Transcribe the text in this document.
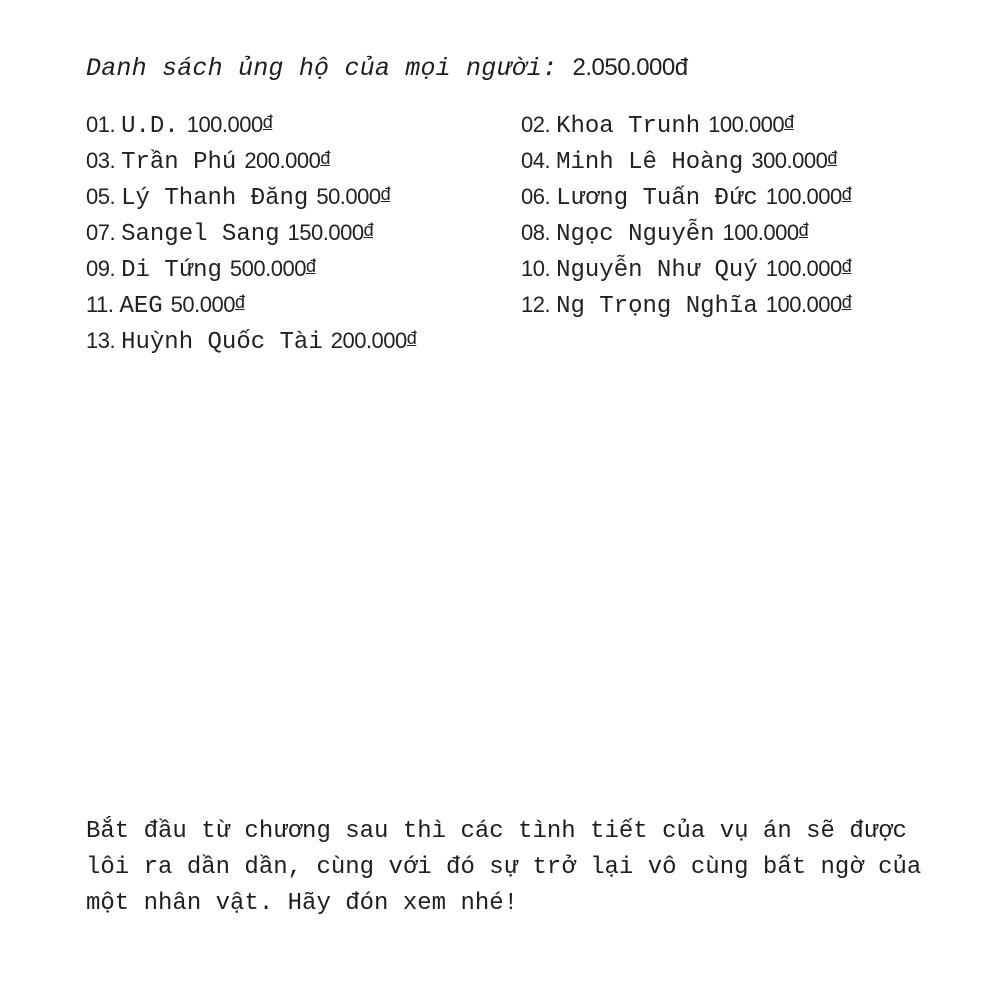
Danh sách ủng hộ của mọi người: 2.050.000đ
01. U.D. 100.000đ
03. Trần Phú 200.000đ
05. Lý Thanh Đăng 50.000đ
07. Sangel Sang 150.000đ
09. Di Tứng 500.000đ
11. AEG 50.000đ
13. Huỳnh Quốc Tài 200.000đ
02. Khoa Trunh 100.000đ
04. Minh Lê Hoàng 300.000đ
06. Lương Tuấn Đức 100.000đ
08. Ngọc Nguyễn 100.000đ
10. Nguyễn Như Quý 100.000đ
12. Ng Trọng Nghĩa 100.000đ

Bắt đầu từ chương sau thì các tình tiết của vụ án sẽ được

lôi ra dần dần, cùng với đó sự trở lại vô cùng bất ngờ của

một nhân vật. Hãy đón xem nhé!
